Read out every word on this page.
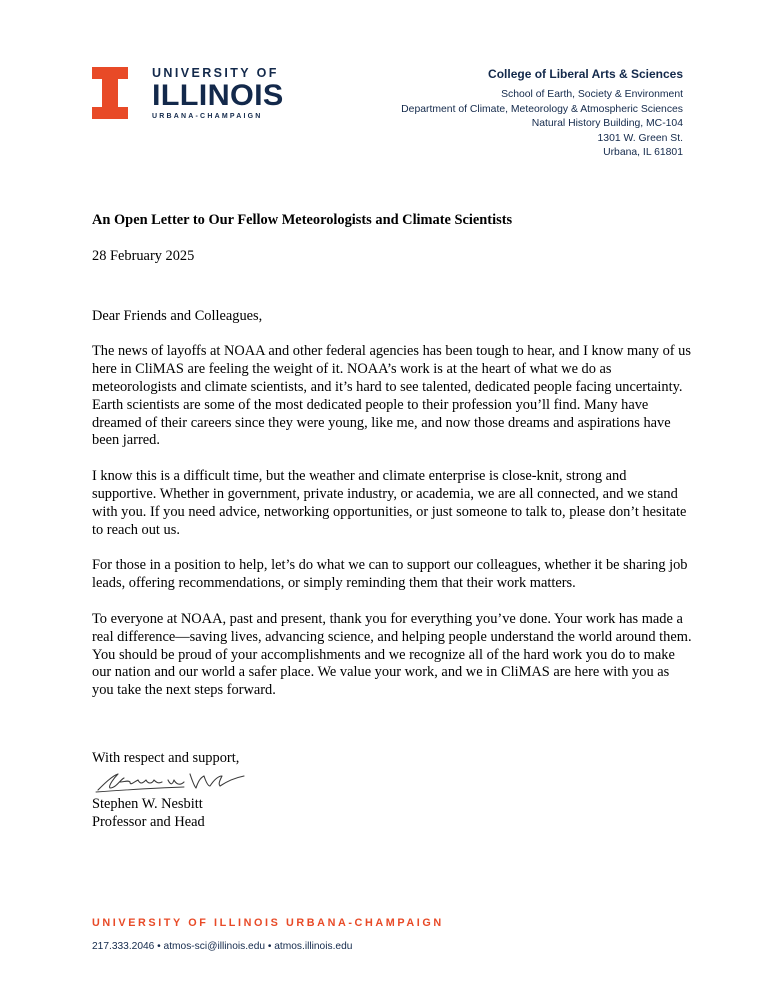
UNIVERSITY OF
ILLINOIS
URBANA-CHAMPAIGN
College of Liberal Arts & Sciences
School of Earth, Society & Environment
Department of Climate, Meteorology & Atmospheric Sciences
Natural History Building, MC-104
1301 W. Green St.
Urbana, IL 61801

An Open Letter to Our Fellow Meteorologists and Climate Scientists

28 February 2025

Dear Friends and Colleagues,

The news of layoffs at NOAA and other federal agencies has been tough to hear, and I know many of us here in CliMAS are feeling the weight of it. NOAA’s work is at the heart of what we do as meteorologists and climate scientists, and it’s hard to see talented, dedicated people facing uncertainty. Earth scientists are some of the most dedicated people to their profession you’ll find. Many have dreamed of their careers since they were young, like me, and now those dreams and aspirations have been jarred.

I know this is a difficult time, but the weather and climate enterprise is close-knit, strong and supportive. Whether in government, private industry, or academia, we are all connected, and we stand with you. If you need advice, networking opportunities, or just someone to talk to, please don’t hesitate to reach out us.

For those in a position to help, let’s do what we can to support our colleagues, whether it be sharing job leads, offering recommendations, or simply reminding them that their work matters.

To everyone at NOAA, past and present, thank you for everything you’ve done. Your work has made a real difference—saving lives, advancing science, and helping people understand the world around them. You should be proud of your accomplishments and we recognize all of the hard work you do to make our nation and our world a safer place. We value your work, and we in CliMAS are here with you as you take the next steps forward.

With respect and support,

Stephen W. Nesbitt

Professor and Head

UNIVERSITY OF ILLINOIS URBANA-CHAMPAIGN
217.333.2046 • atmos-sci@illinois.edu • atmos.illinois.edu
